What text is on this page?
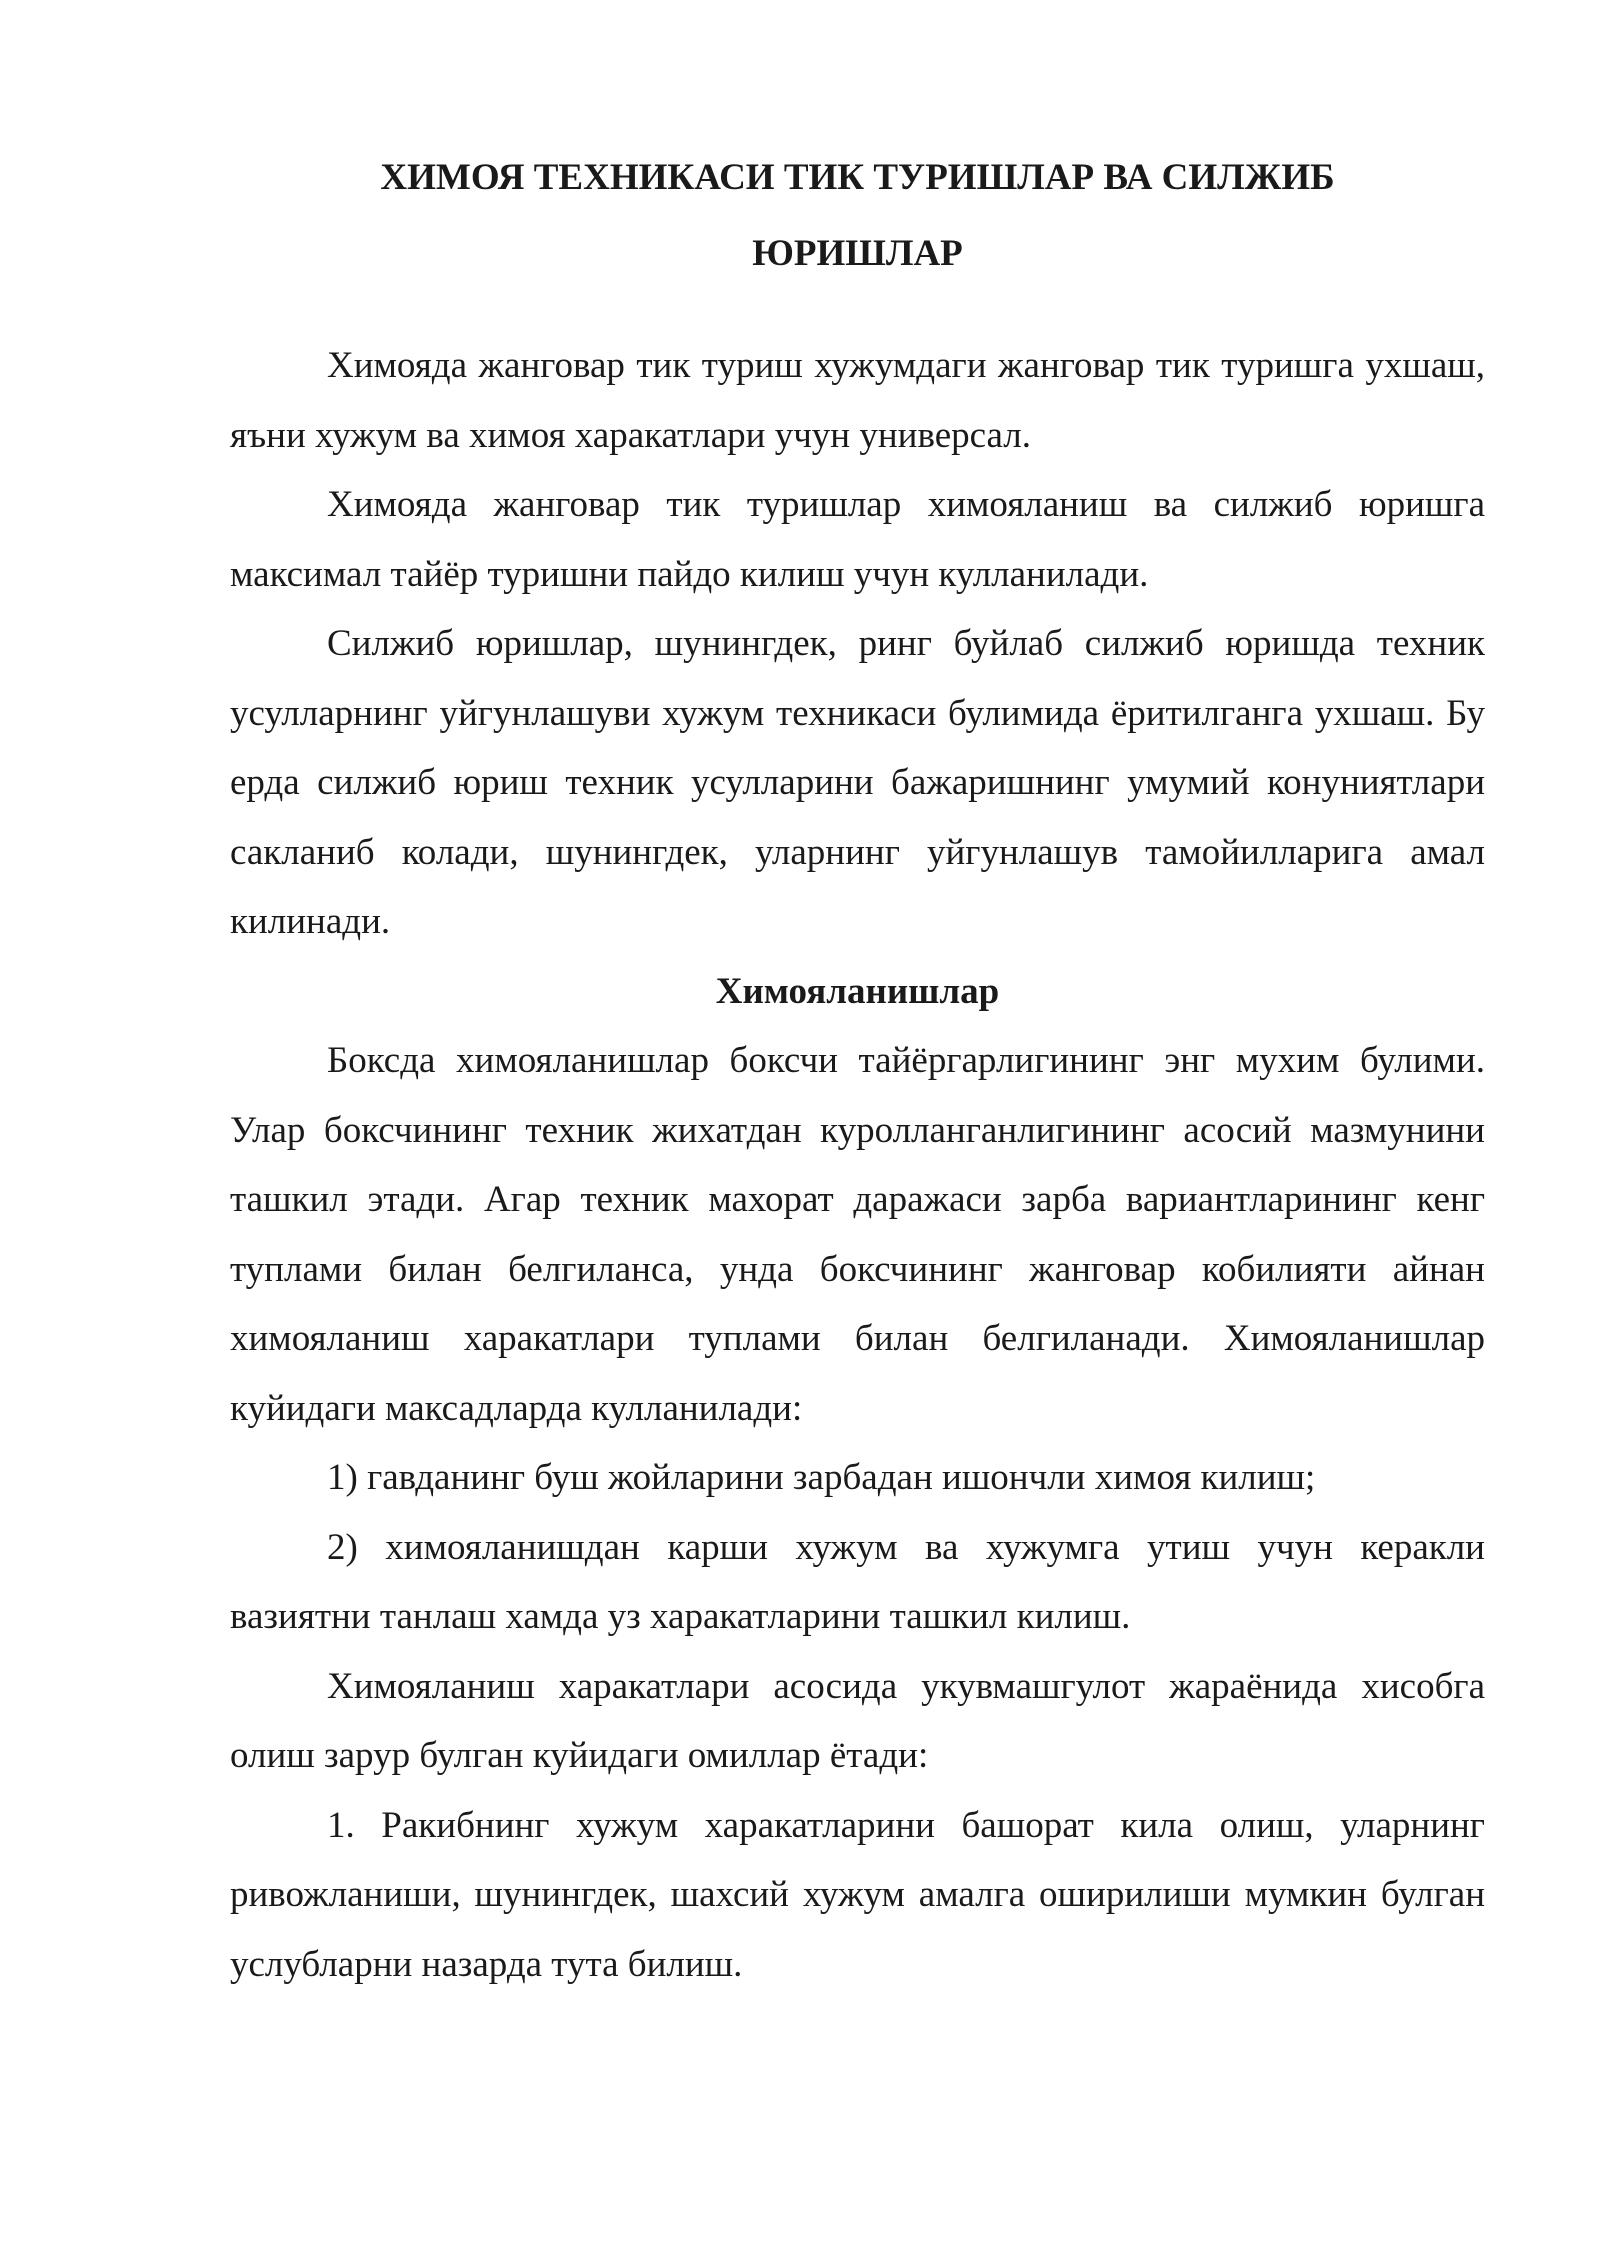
ХИМОЯ ТЕХНИКАСИ ТИК ТУРИШЛАР ВА СИЛЖИБ
ЮРИШЛАР

Химояда жанговар тик туриш хужумдаги жанговар тик туришга ухшаш, яъни хужум ва химоя харакатлари учун универсал.

Химояда жанговар тик туришлар химояланиш ва силжиб юришга максимал тайёр туришни пайдо килиш учун кулланилади.

Силжиб юришлар, шунингдек, ринг буйлаб силжиб юришда техник усулларнинг уйгунлашуви хужум техникаси булимида ёритилганга ухшаш. Бу ерда силжиб юриш техник усулларини бажаришнинг умумий конуниятлари сакланиб колади, шунингдек, уларнинг уйгунлашув тамойилларига амал килинади.

Химояланишлар

Боксда химояланишлар боксчи тайёргарлигининг энг мухим булими. Улар боксчининг техник жихатдан куролланганлигининг асосий мазмунини ташкил этади. Агар техник махорат даражаси зарба вариантларининг кенг туплами билан белгиланса, унда боксчининг жанговар кобилияти айнан химояланиш харакатлари туплами билан белгиланади. Химояланишлар куйидаги максадларда кулланилади:

1) гавданинг буш жойларини зарбадан ишончли химоя килиш;

2) химояланишдан карши хужум ва хужумга утиш учун керакли вазиятни танлаш хамда уз харакатларини ташкил килиш.

Химояланиш харакатлари асосида укувмашгулот жараёнида хисобга олиш зарур булган куйидаги омиллар ётади:

1. Ракибнинг хужум харакатларини башорат кила олиш, уларнинг ривожланиши, шунингдек, шахсий хужум амалга оширилиши мумкин булган услубларни назарда тута билиш.
